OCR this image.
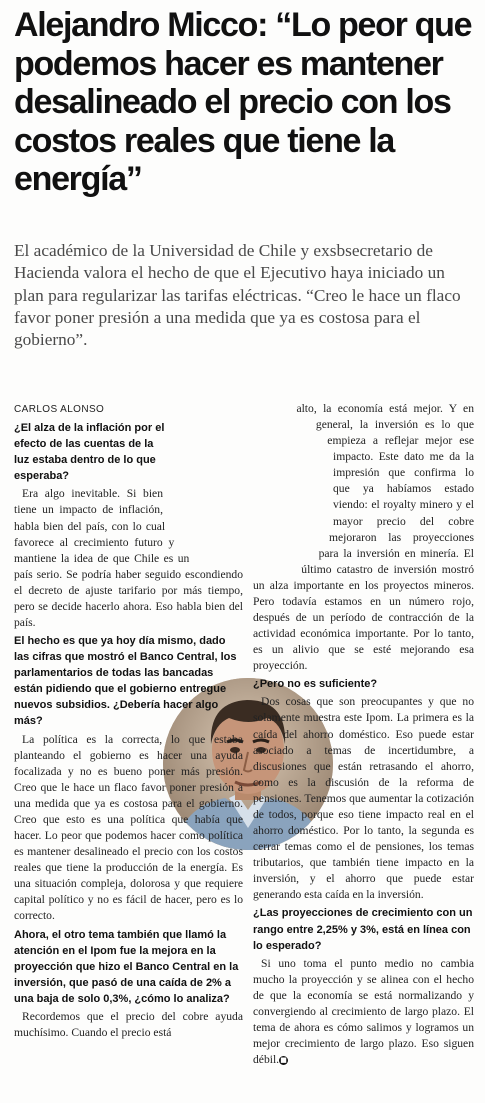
Alejandro Micco: “Lo peor que podemos hacer es mantener desalineado el precio con los costos reales que tiene la energía”

El académico de la Universidad de Chile y exsbsecretario de Hacienda valora el hecho de que el Ejecutivo haya iniciado un plan para regularizar las tarifas eléctricas. “Creo le hace un flaco favor poner presión a una medida que ya es costosa para el gobierno”.

CARLOS ALONSO

¿El alza de la inflación por el efecto de las cuentas de la luz estaba dentro de lo que esperaba?

Era algo inevitable. Si bien tiene un impacto de inflación, habla bien del país, con lo cual favorece al crecimiento futuro y mantiene la idea de que Chile es un país serio. Se podría haber seguido escondiendo el decreto de ajuste tarifario por más tiempo, pero se decide hacerlo ahora. Eso habla bien del país.

El hecho es que ya hoy día mismo, dado las cifras que mostró el Banco Central, los parlamentarios de todas las bancadas están pidiendo que el gobierno entregue nuevos subsidios. ¿Debería hacer algo más?

La política es la correcta, lo que estaba planteando el gobierno es hacer una ayuda focalizada y no es bueno poner más presión. Creo que le hace un flaco favor poner presión a una medida que ya es costosa para el gobierno. Creo que esto es una política que había que hacer. Lo peor que podemos hacer como política es mantener desalineado el precio con los costos reales que tiene la producción de la energía. Es una situación compleja, dolorosa y que requiere capital político y no es fácil de hacer, pero es lo correcto.

Ahora, el otro tema también que llamó la atención en el Ipom fue la mejora en la proyección que hizo el Banco Central en la inversión, que pasó de una caída de 2% a una baja de solo 0,3%, ¿cómo lo analiza?

Recordemos que el precio del cobre ayuda muchísimo. Cuando el precio está

alto, la economía está mejor. Y en general, la inversión es lo que empieza a reflejar mejor ese impacto. Este dato me da la impresión que confirma lo que ya habíamos estado viendo: el royalty minero y el mayor precio del cobre mejoraron las proyecciones para la inversión en minería. El último catastro de inversión mostró un alza importante en los proyectos mineros. Pero todavía estamos en un número rojo, después de un período de contracción de la actividad económica importante. Por lo tanto, es un alivio que se esté mejorando esa proyección.

¿Pero no es suficiente?

Dos cosas que son preocupantes y que no solamente muestra este Ipom. La primera es la caída del ahorro doméstico. Eso puede estar asociado a temas de incertidumbre, a discusiones que están retrasando el ahorro, como es la discusión de la reforma de pensiones. Tenemos que aumentar la cotización de todos, porque eso tiene impacto real en el ahorro doméstico. Por lo tanto, la segunda es cerrar temas como el de pensiones, los temas tributarios, que también tiene impacto en la inversión, y el ahorro que puede estar generando esta caída en la inversión.

¿Las proyecciones de crecimiento con un rango entre 2,25% y 3%, está en línea con lo esperado?

Si uno toma el punto medio no cambia mucho la proyección y se alinea con el hecho de que la economía se está normalizando y convergiendo al crecimiento de largo plazo. El tema de ahora es cómo salimos y logramos un mejor crecimiento de largo plazo. Eso siguen débil.■
